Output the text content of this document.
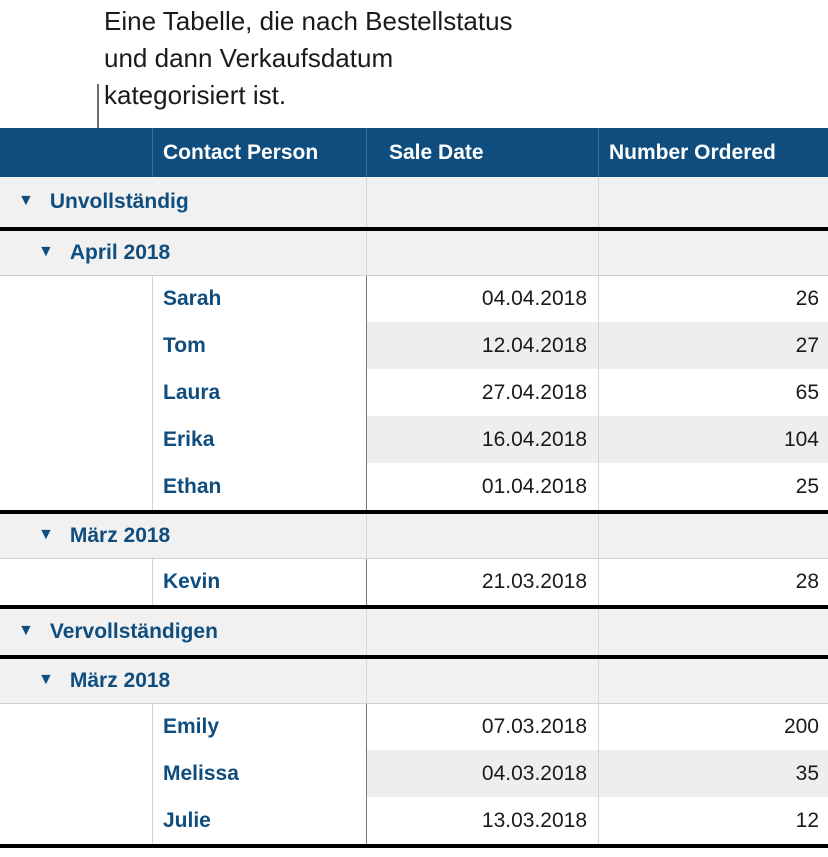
Eine Tabelle, die nach Bestellstatus
und dann Verkaufsdatum
kategorisiert ist.
Contact Person	Sale Date	Number Ordered
▼ Unvollständig
▼ April 2018
Sarah	04.04.2018	26
Tom	12.04.2018	27
Laura	27.04.2018	65
Erika	16.04.2018	104
Ethan	01.04.2018	25
▼ März 2018
Kevin	21.03.2018	28
▼ Vervollständigen
▼ März 2018
Emily	07.03.2018	200
Melissa	04.03.2018	35
Julie	13.03.2018	12
